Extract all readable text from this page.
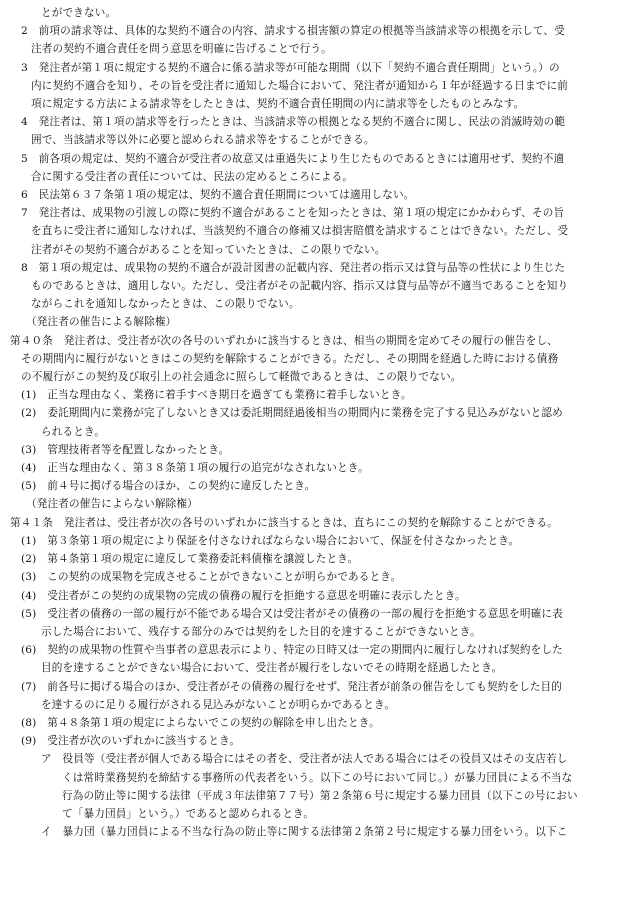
とができない。
2　前項の請求等は、具体的な契約不適合の内容、請求する損害額の算定の根拠等当該請求等の根拠を示して、受
注者の契約不適合責任を問う意思を明確に告げることで行う。
3　発注者が第１項に規定する契約不適合に係る請求等が可能な期間（以下「契約不適合責任期間」という。）の
内に契約不適合を知り、その旨を受注者に通知した場合において、発注者が通知から１年が経過する日までに前
項に規定する方法による請求等をしたときは、契約不適合責任期間の内に請求等をしたものとみなす。
4　発注者は、第１項の請求等を行ったときは、当該請求等の根拠となる契約不適合に関し、民法の消滅時効の範
囲で、当該請求等以外に必要と認められる請求等をすることができる。
5　前各項の規定は、契約不適合が受注者の故意又は重過失により生じたものであるときには適用せず、契約不適
合に関する受注者の責任については、民法の定めるところによる。
6　民法第６３７条第１項の規定は、契約不適合責任期間については適用しない。
7　発注者は、成果物の引渡しの際に契約不適合があることを知ったときは、第１項の規定にかかわらず、その旨
を直ちに受注者に通知しなければ、当該契約不適合の修補又は損害賠償を請求することはできない。ただし、受
注者がその契約不適合があることを知っていたときは、この限りでない。
8　第１項の規定は、成果物の契約不適合が設計図書の記載内容、発注者の指示又は貸与品等の性状により生じた
ものであるときは、適用しない。ただし、受注者がその記載内容、指示又は貸与品等が不適当であることを知り
ながらこれを通知しなかったときは、この限りでない。
（発注者の催告による解除権）
第４０条　発注者は、受注者が次の各号のいずれかに該当するときは、相当の期間を定めてその履行の催告をし、
その期間内に履行がないときはこの契約を解除することができる。ただし、その期間を経過した時における債務
の不履行がこの契約及び取引上の社会通念に照らして軽微であるときは、この限りでない。
(1)　正当な理由なく、業務に着手すべき期日を過ぎても業務に着手しないとき。
(2)　委託期間内に業務が完了しないとき又は委託期間経過後相当の期間内に業務を完了する見込みがないと認め
られるとき。
(3)　管理技術者等を配置しなかったとき。
(4)　正当な理由なく、第３８条第１項の履行の追完がなされないとき。
(5)　前４号に掲げる場合のほか、この契約に違反したとき。
（発注者の催告によらない解除権）
第４１条　発注者は、受注者が次の各号のいずれかに該当するときは、直ちにこの契約を解除することができる。
(1)　第３条第１項の規定により保証を付さなければならない場合において、保証を付さなかったとき。
(2)　第４条第１項の規定に違反して業務委託料債権を譲渡したとき。
(3)　この契約の成果物を完成させることができないことが明らかであるとき。
(4)　受注者がこの契約の成果物の完成の債務の履行を拒絶する意思を明確に表示したとき。
(5)　受注者の債務の一部の履行が不能である場合又は受注者がその債務の一部の履行を拒絶する意思を明確に表
示した場合において、残存する部分のみでは契約をした目的を達することができないとき。
(6)　契約の成果物の性質や当事者の意思表示により、特定の日時又は一定の期間内に履行しなければ契約をした
目的を達することができない場合において、受注者が履行をしないでその時期を経過したとき。
(7)　前各号に掲げる場合のほか、受注者がその債務の履行をせず、発注者が前条の催告をしても契約をした目的
を達するのに足りる履行がされる見込みがないことが明らかであるとき。
(8)　第４８条第１項の規定によらないでこの契約の解除を申し出たとき。
(9)　受注者が次のいずれかに該当するとき。
ア　役員等（受注者が個人である場合にはその者を、受注者が法人である場合にはその役員又はその支店若し
くは常時業務契約を締結する事務所の代表者をいう。以下この号において同じ。）が暴力団員による不当な
行為の防止等に関する法律（平成３年法律第７７号）第２条第６号に規定する暴力団員（以下この号におい
て「暴力団員」という。）であると認められるとき。
イ　暴力団（暴力団員による不当な行為の防止等に関する法律第２条第２号に規定する暴力団をいう。以下こ
